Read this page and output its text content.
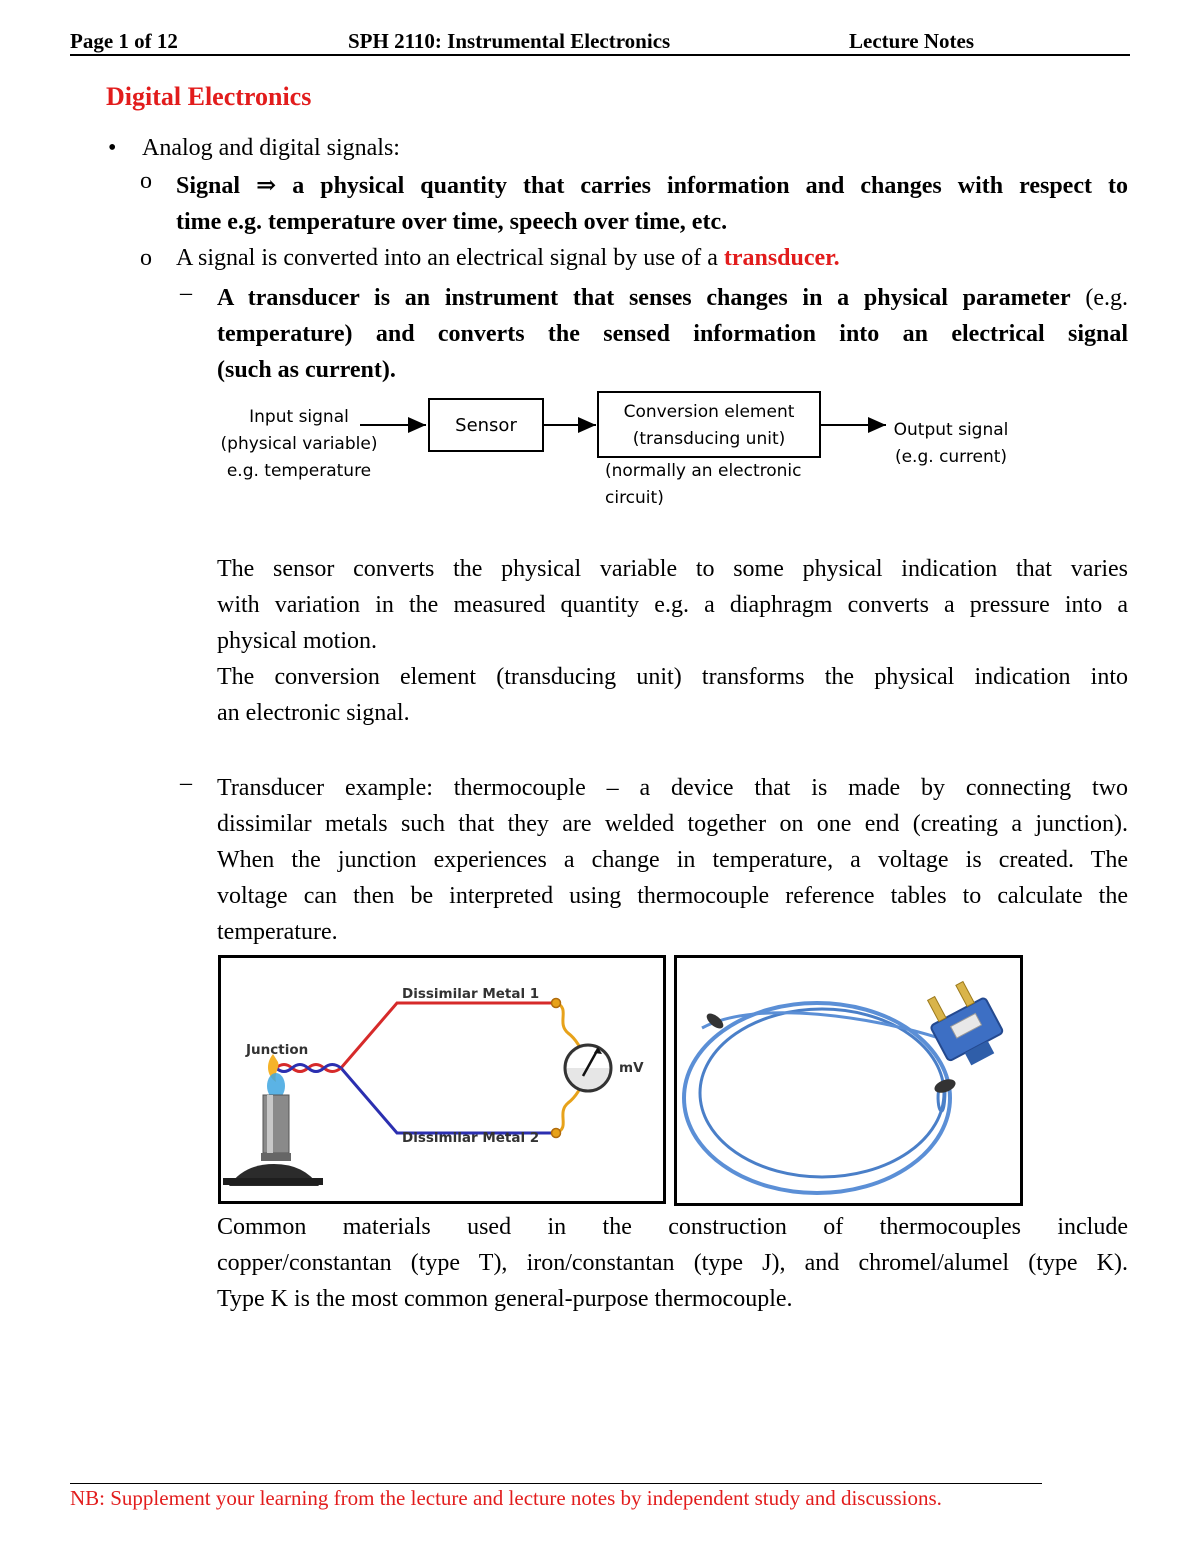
Page 1 of 12	SPH 2110: Instrumental Electronics	Lecture Notes
Digital Electronics
• Analog and digital signals:
o Signal ⇒ a physical quantity that carries information and changes with respect to
time e.g. temperature over time, speech over time, etc.
o A signal is converted into an electrical signal by use of a transducer.
– A transducer is an instrument that senses changes in a physical parameter (e.g.
temperature) and converts the sensed information into an electrical signal
(such as current).
Input signal
(physical variable)
e.g. temperature
Sensor
Conversion element
(transducing unit)
(normally an electronic
circuit)
Output signal
(e.g. current)
The sensor converts the physical variable to some physical indication that varies
with variation in the measured quantity e.g. a diaphragm converts a pressure into a
physical motion.
The conversion element (transducing unit) transforms the physical indication into
an electronic signal.
– Transducer example: thermocouple – a device that is made by connecting two
dissimilar metals such that they are welded together on one end (creating a junction).
When the junction experiences a change in temperature, a voltage is created. The
voltage can then be interpreted using thermocouple reference tables to calculate the
temperature.
Dissimilar Metal 1
Dissimilar Metal 2
Junction
mV
Common materials used in the construction of thermocouples include
copper/constantan (type T), iron/constantan (type J), and chromel/alumel (type K).
Type K is the most common general-purpose thermocouple.
NB: Supplement your learning from the lecture and lecture notes by independent study and discussions.
